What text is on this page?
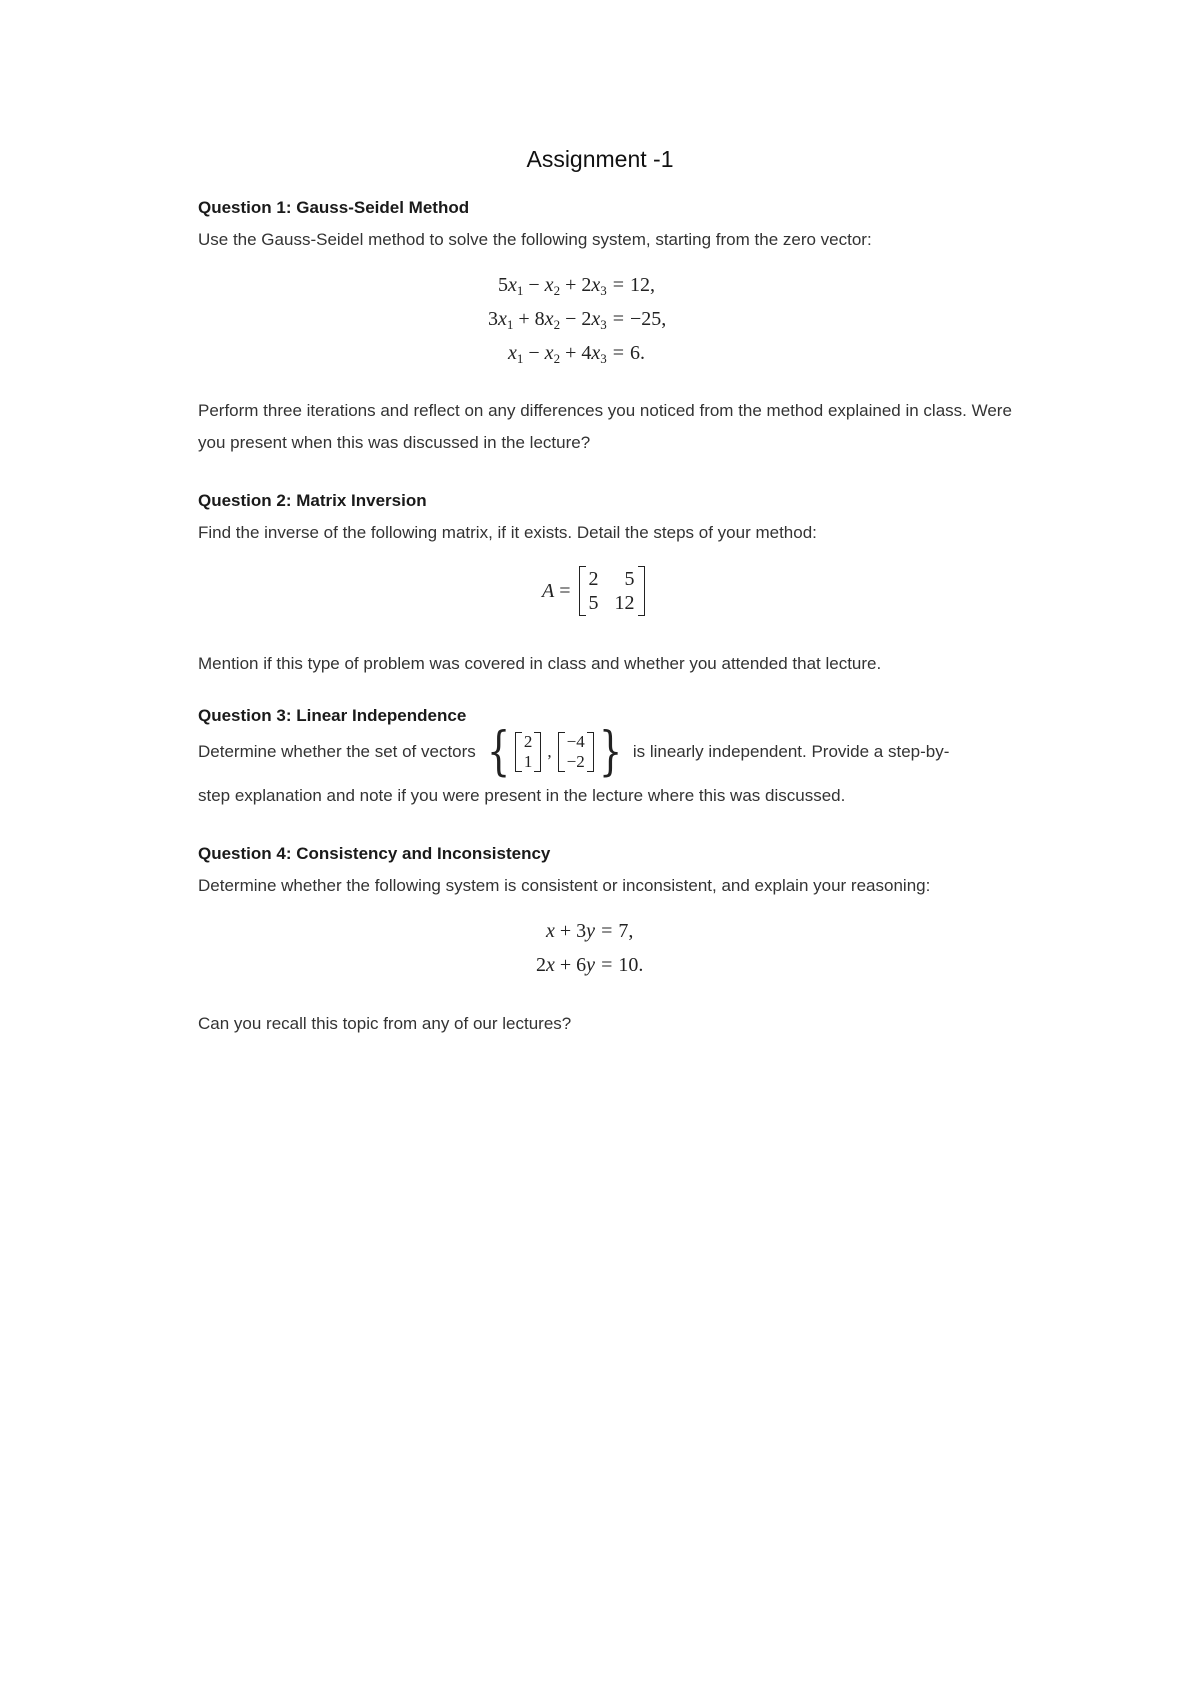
Assignment -1

Question 1: Gauss-Seidel Method

Use the Gauss-Seidel method to solve the following system, starting from the zero vector:

$5x_1 - x_2 + 2x_3$	=	12,
$3x_1 + 8x_2 - 2x_3$	=	−25,
$x_1 - x_2 + 4x_3$	=	6.

Perform three iterations and reflect on any differences you noticed from the method explained in class. Were you present when this was discussed in the lecture?

Question 2: Matrix Inversion

Find the inverse of the following matrix, if it exists. Detail the steps of your method:

A =
2	5
5 12

Mention if this type of problem was covered in class and whether you attended that lecture.

Question 3: Linear Independence

Determine whether the set of vectors { 2
1
,
−4
−2 } is linearly independent. Provide a step-by-

step explanation and note if you were present in the lecture where this was discussed.

Question 4: Consistency and Inconsistency

Determine whether the following system is consistent or inconsistent, and explain your reasoning:

x + 3y	=	7,
2x + 6y	=	10.

Can you recall this topic from any of our lectures?
